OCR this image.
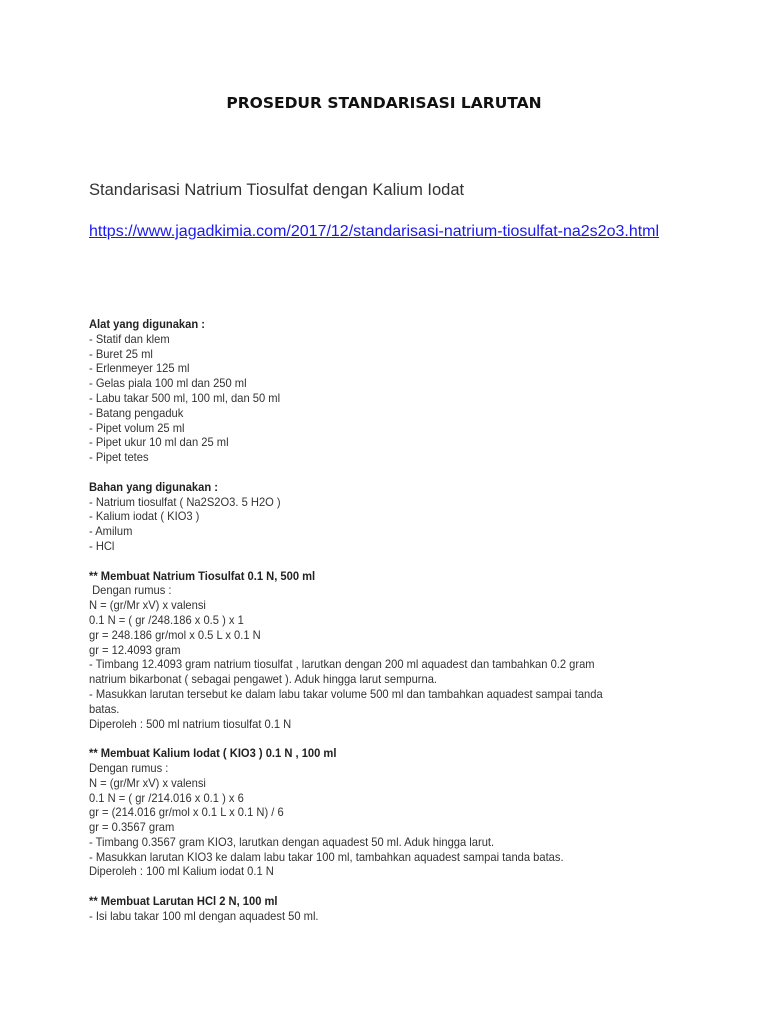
PROSEDUR STANDARISASI LARUTAN
Standarisasi Natrium Tiosulfat dengan Kalium Iodat
https://www.jagadkimia.com/2017/12/standarisasi-natrium-tiosulfat-na2s2o3.html
Alat yang digunakan :
- Statif dan klem
- Buret 25 ml
- Erlenmeyer 125 ml
- Gelas piala 100 ml dan 250 ml
- Labu takar 500 ml, 100 ml, dan 50 ml
- Batang pengaduk
- Pipet volum 25 ml
- Pipet ukur 10 ml dan 25 ml
- Pipet tetes
Bahan yang digunakan :
- Natrium tiosulfat ( Na2S2O3. 5 H2O )
- Kalium iodat ( KIO3 )
- Amilum
- HCl
** Membuat Natrium Tiosulfat 0.1 N, 500 ml
Dengan rumus :
N = (gr/Mr xV) x valensi
0.1 N = ( gr /248.186 x 0.5 ) x 1
gr = 248.186 gr/mol x 0.5 L x 0.1 N
gr = 12.4093 gram
- Timbang 12.4093 gram natrium tiosulfat , larutkan dengan 200 ml aquadest dan tambahkan 0.2 gram
natrium bikarbonat ( sebagai pengawet ). Aduk hingga larut sempurna.
- Masukkan larutan tersebut ke dalam labu takar volume 500 ml dan tambahkan aquadest sampai tanda
batas.
Diperoleh : 500 ml natrium tiosulfat 0.1 N
** Membuat Kalium Iodat ( KIO3 ) 0.1 N , 100 ml
Dengan rumus :
N = (gr/Mr xV) x valensi
0.1 N = ( gr /214.016 x 0.1 ) x 6
gr = (214.016 gr/mol x 0.1 L x 0.1 N) / 6
gr = 0.3567 gram
- Timbang 0.3567 gram KIO3, larutkan dengan aquadest 50 ml. Aduk hingga larut.
- Masukkan larutan KIO3 ke dalam labu takar 100 ml, tambahkan aquadest sampai tanda batas.
Diperoleh : 100 ml Kalium iodat 0.1 N
** Membuat Larutan HCl 2 N, 100 ml
- Isi labu takar 100 ml dengan aquadest 50 ml.
